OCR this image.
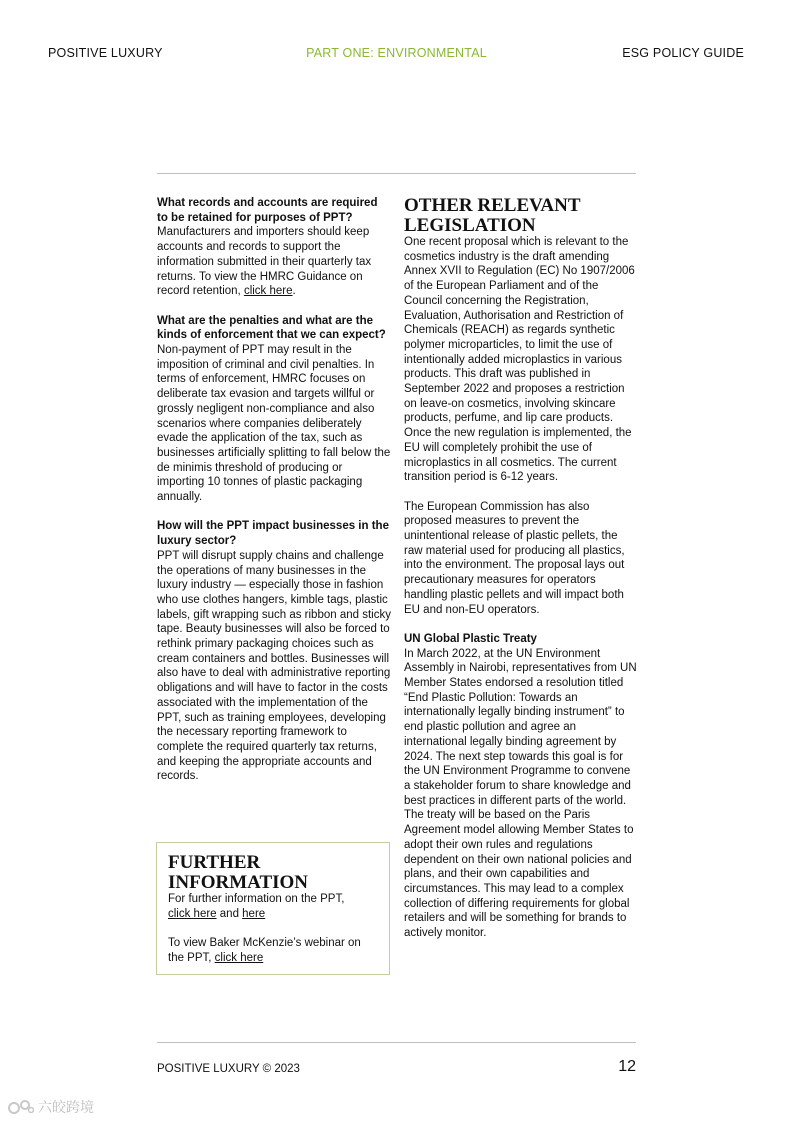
POSITIVE LUXURY	PART ONE: ENVIRONMENTAL	ESG POLICY GUIDE

What records and accounts are required to be retained for purposes of PPT?

Manufacturers and importers should keep accounts and records to support the information submitted in their quarterly tax returns. To view the HMRC Guidance on record retention, click here.

What are the penalties and what are the kinds of enforcement that we can expect?

Non-payment of PPT may result in the imposition of criminal and civil penalties. In terms of enforcement, HMRC focuses on deliberate tax evasion and targets willful or grossly negligent non-compliance and also scenarios where companies deliberately evade the application of the tax, such as businesses artificially splitting to fall below the de minimis threshold of producing or importing 10 tonnes of plastic packaging annually.

How will the PPT impact businesses in the luxury sector?

PPT will disrupt supply chains and challenge the operations of many businesses in the luxury industry — especially those in fashion who use clothes hangers, kimble tags, plastic labels, gift wrapping such as ribbon and sticky tape. Beauty businesses will also be forced to rethink primary packaging choices such as cream containers and bottles. Businesses will also have to deal with administrative reporting obligations and will have to factor in the costs associated with the implementation of the PPT, such as training employees, developing the necessary reporting framework to complete the required quarterly tax returns, and keeping the appropriate accounts and records.

FURTHER
INFORMATION

For further information on the PPT,
click here and here

To view Baker McKenzie’s webinar on the PPT, click here

OTHER RELEVANT
LEGISLATION

One recent proposal which is relevant to the cosmetics industry is the draft amending Annex XVII to Regulation (EC) No 1907/2006 of the European Parliament and of the Council concerning the Registration, Evaluation, Authorisation and Restriction of Chemicals (REACH) as regards synthetic polymer microparticles, to limit the use of intentionally added microplastics in various products. This draft was published in September 2022 and proposes a restriction on leave-on cosmetics, involving skincare products, perfume, and lip care products. Once the new regulation is implemented, the EU will completely prohibit the use of microplastics in all cosmetics. The current transition period is 6-12 years.

The European Commission has also proposed measures to prevent the unintentional release of plastic pellets, the raw material used for producing all plastics, into the environment. The proposal lays out precautionary measures for operators handling plastic pellets and will impact both EU and non-EU operators.

UN Global Plastic Treaty

In March 2022, at the UN Environment Assembly in Nairobi, representatives from UN Member States endorsed a resolution titled “End Plastic Pollution: Towards an internationally legally binding instrument” to end plastic pollution and agree an international legally binding agreement by 2024. The next step towards this goal is for the UN Environment Programme to convene a stakeholder forum to share knowledge and best practices in different parts of the world. The treaty will be based on the Paris Agreement model allowing Member States to adopt their own rules and regulations dependent on their own national policies and plans, and their own capabilities and circumstances. This may lead to a complex collection of differing requirements for global retailers and will be something for brands to actively monitor.

POSITIVE LUXURY © 2023	12
六皎跨境
